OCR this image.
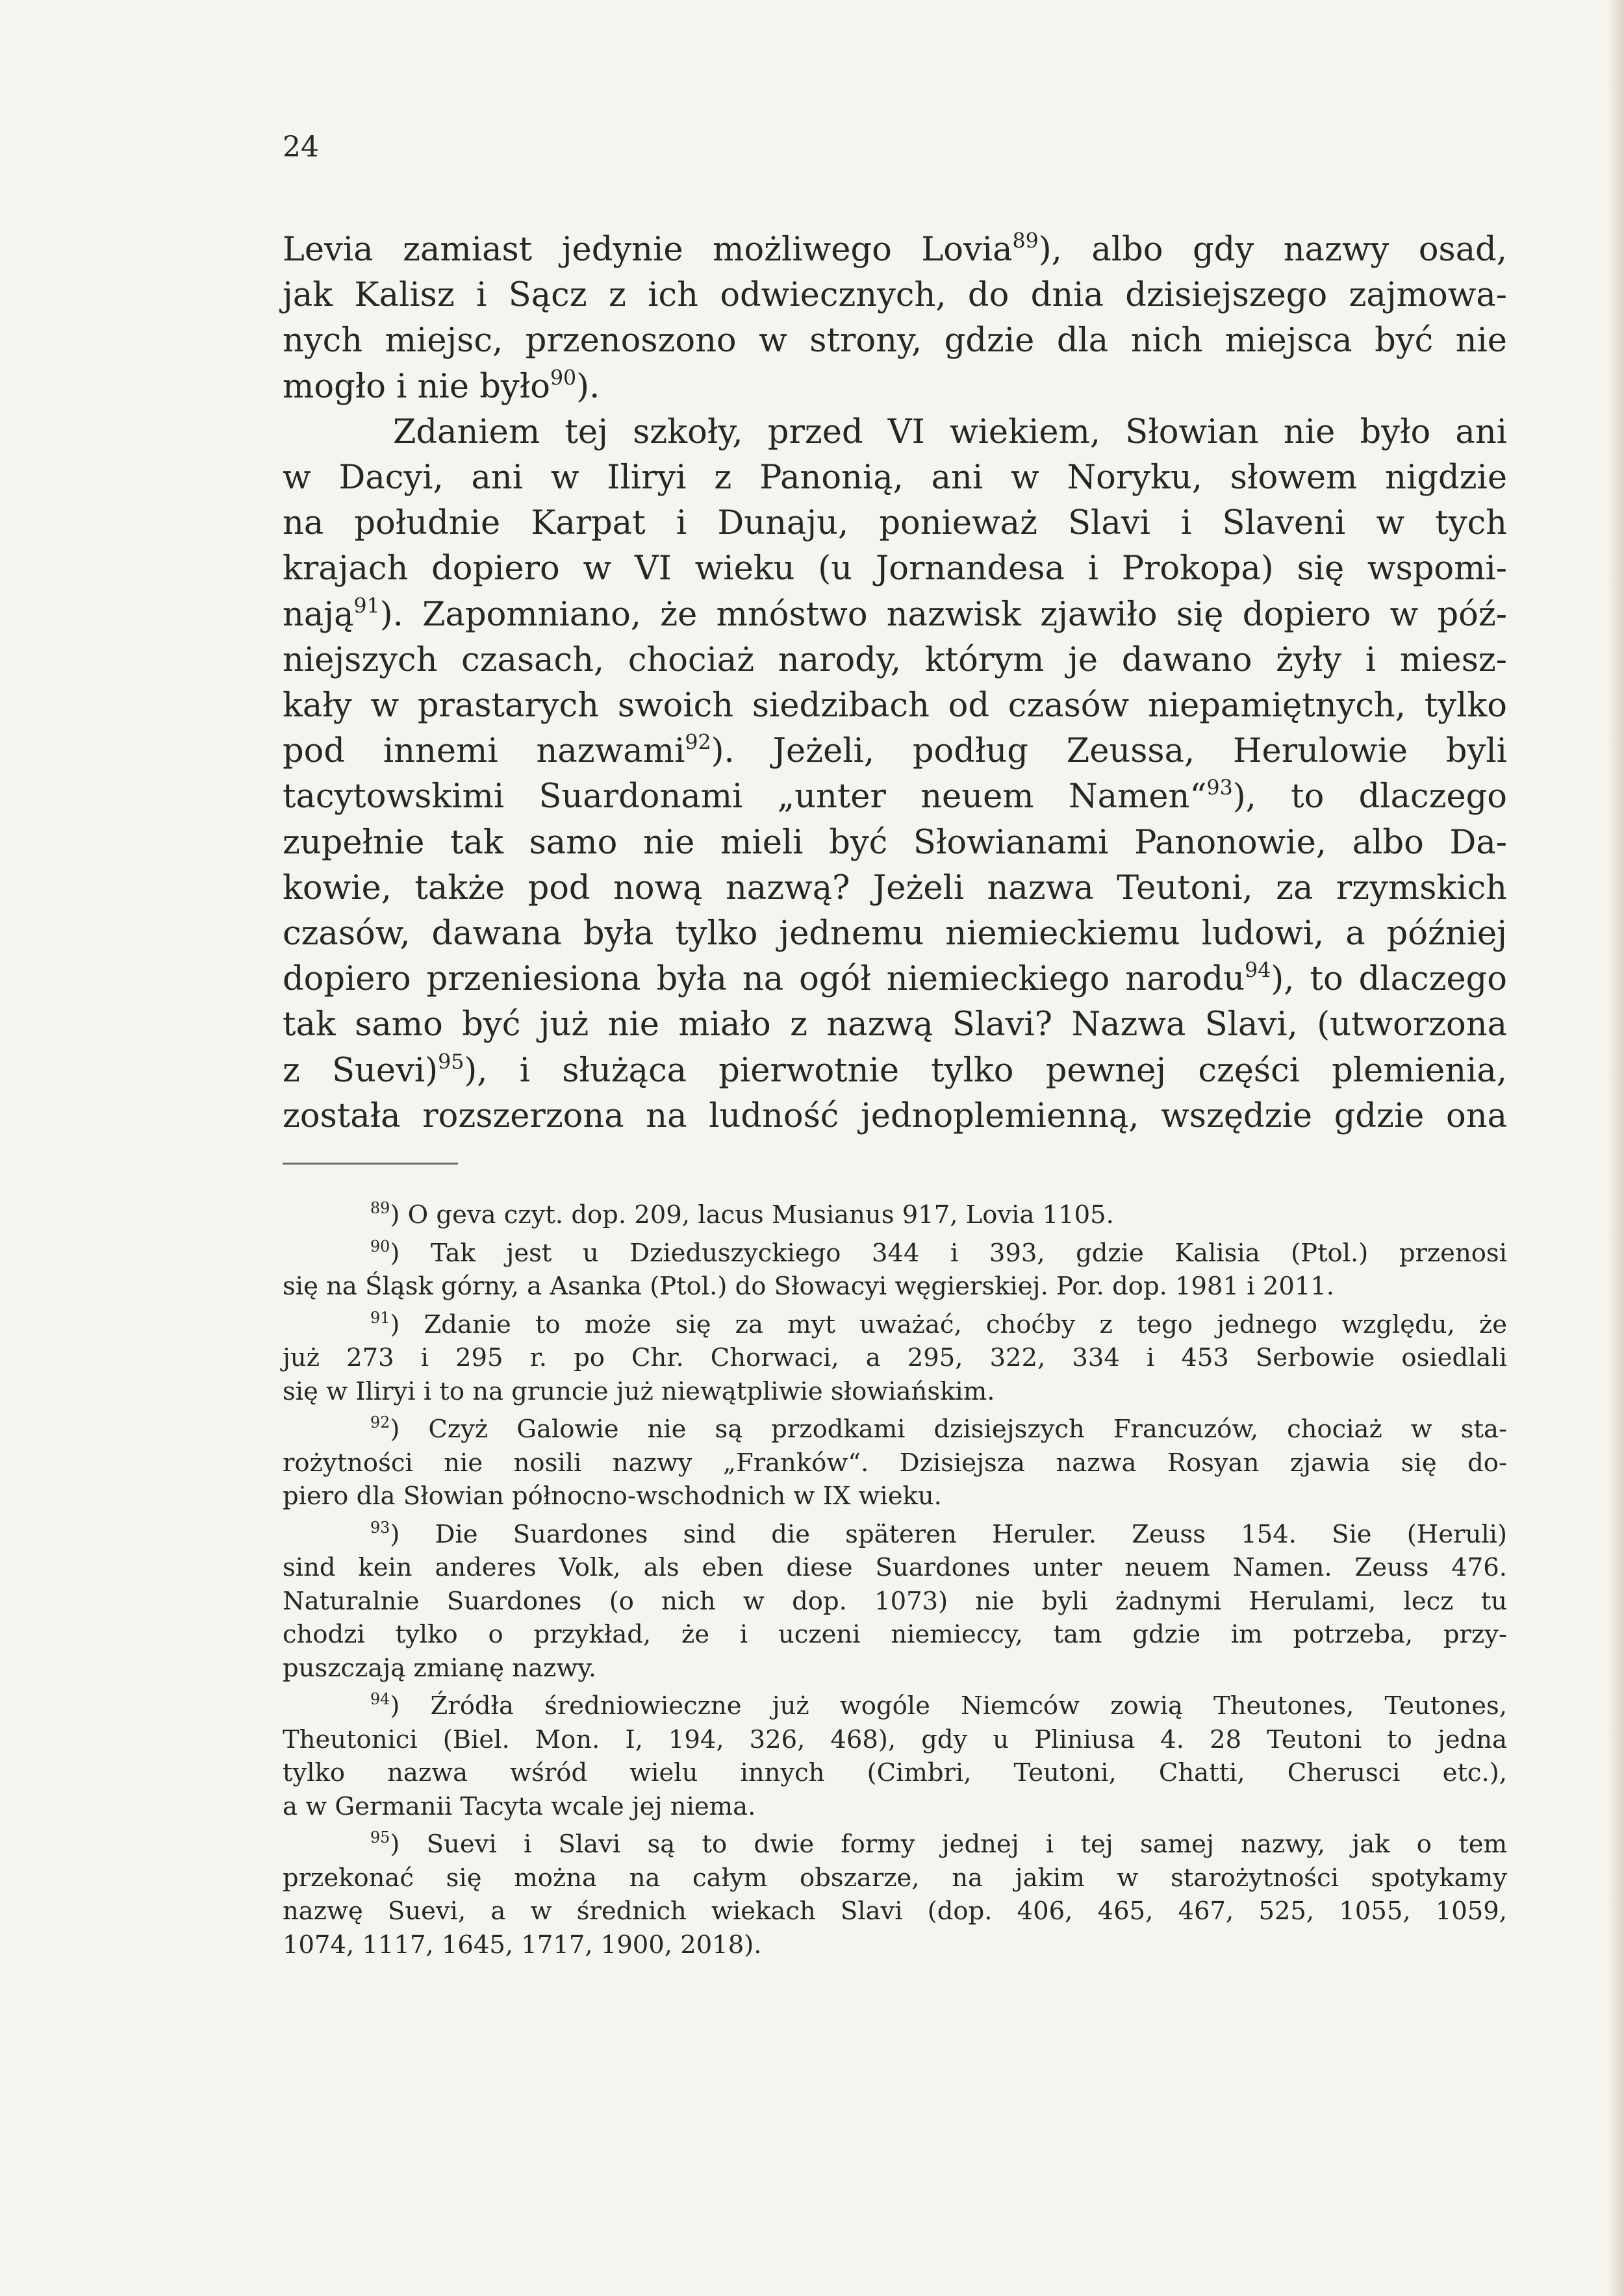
24
Levia zamiast jedynie możliwego Lovia$^{89}$), albo gdy nazwy osad,
jak Kalisz i Sącz z ich odwiecznych, do dnia dzisiejszego zajmowa-
nych miejsc, przenoszono w strony, gdzie dla nich miejsca być nie
mogło i nie było$^{90}$).
Zdaniem tej szkoły, przed VI wiekiem, Słowian nie było ani
w Dacyi, ani w Iliryi z Panonią, ani w Noryku, słowem nigdzie
na południe Karpat i Dunaju, ponieważ Slavi i Slaveni w tych
krajach dopiero w VI wieku (u Jornandesa i Prokopa) się wspomi-
nają$^{91}$). Zapomniano, że mnóstwo nazwisk zjawiło się dopiero w póź-
niejszych czasach, chociaż narody, którym je dawano żyły i miesz-
kały w prastarych swoich siedzibach od czasów niepamiętnych, tylko
pod innemi nazwami$^{92}$). Jeżeli, podług Zeussa, Herulowie byli
tacytowskimi Suardonami „unter neuem Namen“$^{93}$), to dlaczego
zupełnie tak samo nie mieli być Słowianami Panonowie, albo Da-
kowie, także pod nową nazwą? Jeżeli nazwa Teutoni, za rzymskich
czasów, dawana była tylko jednemu niemieckiemu ludowi, a później
dopiero przeniesiona była na ogół niemieckiego narodu$^{94}$), to dlaczego
tak samo być już nie miało z nazwą Slavi? Nazwa Slavi, (utworzona
z Suevi)$^{95}$), i służąca pierwotnie tylko pewnej części plemienia,
została rozszerzona na ludność jednoplemienną, wszędzie gdzie ona
$^{89}$) O geva czyt. dop. 209, lacus Musianus 917, Lovia 1105.
$^{90}$) Tak jest u Dzieduszyckiego 344 i 393, gdzie Kalisia (Ptol.) przenosi
się na Śląsk górny, a Asanka (Ptol.) do Słowacyi węgierskiej. Por. dop. 1981 i 2011.
$^{91}$) Zdanie to może się za myt uważać, choćby z tego jednego względu, że
już 273 i 295 r. po Chr. Chorwaci, a 295, 322, 334 i 453 Serbowie osiedlali
się w Iliryi i to na gruncie już niewątpliwie słowiańskim.
$^{92}$) Czyż Galowie nie są przodkami dzisiejszych Francuzów, chociaż w sta-
rożytności nie nosili nazwy „Franków“. Dzisiejsza nazwa Rosyan zjawia się do-
piero dla Słowian północno-wschodnich w IX wieku.
$^{93}$) Die Suardones sind die späteren Heruler. Zeuss 154. Sie (Heruli)
sind kein anderes Volk, als eben diese Suardones unter neuem Namen. Zeuss 476.
Naturalnie Suardones (o nich w dop. 1073) nie byli żadnymi Herulami, lecz tu
chodzi tylko o przykład, że i uczeni niemieccy, tam gdzie im potrzeba, przy-
puszczają zmianę nazwy.
$^{94}$) Źródła średniowieczne już wogóle Niemców zowią Theutones, Teutones,
Theutonici (Biel. Mon. I, 194, 326, 468), gdy u Pliniusa 4. 28 Teutoni to jedna
tylko nazwa wśród wielu innych (Cimbri, Teutoni, Chatti, Cherusci etc.),
a w Germanii Tacyta wcale jej niema.
$^{95}$) Suevi i Slavi są to dwie formy jednej i tej samej nazwy, jak o tem
przekonać się można na całym obszarze, na jakim w starożytności spotykamy
nazwę Suevi, a w średnich wiekach Slavi (dop. 406, 465, 467, 525, 1055, 1059,
1074, 1117, 1645, 1717, 1900, 2018).
